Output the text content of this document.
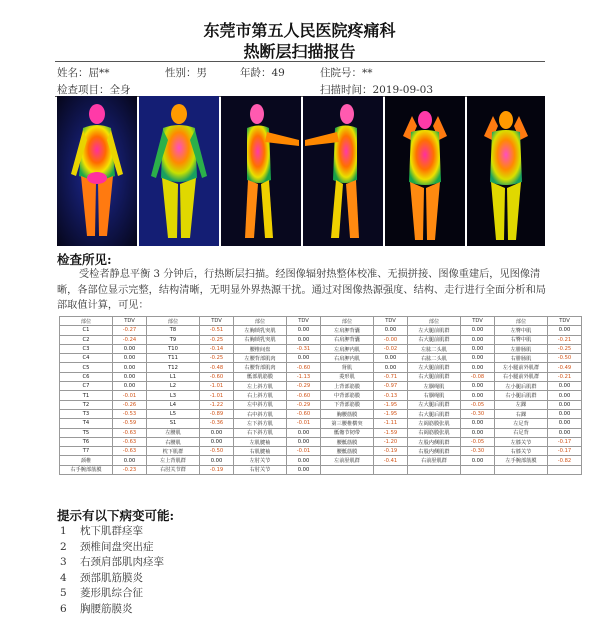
东莞市第五人民医院疼痛科
热断层扫描报告
姓名：屈**	性别：男	年龄：49	住院号：**
检查项目：全身	扫描时间：2019-09-03
检查所见:
受检者静息平衡 3 分钟后，行热断层扫描。经图像辐射热整体校准、无损拼接、图像重建后，见图像清晰，各部位显示完整，结构清晰，无明显外界热源干扰。通过对图像热源强度、结构、走行进行全面分析和局部取值计算，可见：
部位	TDV	部位	TDV	部位	TDV	部位	TDV	部位	TDV	部位	TDV
C1	-0.27	T8	-0.51	左胸锁乳突肌	0.00	左肩胛背囊	0.00	左大腿前肌群	0.00	左臀中肌	0.00
C2	-0.24	T9	-0.25	右胸锁乳突肌	0.00	右肩胛背囊	-0.00	右大腿前肌群	0.00	右臀中肌	-0.21
C3	0.00	T10	-0.14	腰椎间盘	-0.31	左肩胛内肌	-0.02	左肱二头肌	0.00	左腓肠肌	-0.25
C4	0.00	T11	-0.25	左腰背部肌肉	0.00	右肩胛内肌	0.00	右肱二头肌	0.00	右腓肠肌	-0.50
C5	0.00	T12	-0.48	右腰背部肌肉	-0.60	肾肌	0.00	左大腿前肌群	0.00	左小腿前外肌群	-0.49
C6	0.00	L1	-0.60	骶部肌筋膜	-1.13	菱形肌	-0.71	右大腿前肌群	-0.08	右小腿前外肌群	-0.21
C7	0.00	L2	-1.01	左上斜方肌	-0.29	上背部筋膜	-0.97	左腘绳肌	0.00	左小腿后肌群	0.00
T1	-0.01	L3	-1.01	右上斜方肌	-0.60	中背部筋膜	-0.13	右腘绳肌	0.00	右小腿后肌群	0.00
T2	-0.26	L4	-1.22	左中斜方肌	-0.29	下背部筋膜	-1.95	左大腿后肌群	-0.05	左踝	0.00
T3	-0.53	L5	-0.89	右中斜方肌	-0.60	胸腰筋膜	-1.95	右大腿后肌群	-0.30	右踝	0.00
T4	-0.59	S1	-0.36	左下斜方肌	-0.01	第三腰椎横突	-1.11	左阔筋膜张肌	0.00	左足背	0.00
T5	-0.63	左腰肌	0.00	右下斜方肌	0.00	骶髂节韧带	-1.59	右阔筋膜张肌	0.00	右足背	0.00
T6	-0.63	右腰肌	0.00	左肌腱袖	0.00	腰骶筋膜	-1.20	左股内侧肌群	-0.05	左膝关节	-0.17
T7	-0.63	枕下肌群	-0.50	右肌腱袖	-0.01	腰骶筋膜	-0.19	右股内侧肌群	-0.30	右膝关节	-0.17
颈椎	0.00	左上背肌群	0.00	左肘关节	0.00	左前胫肌群	-0.41	右前胫肌群	0.00	左手腕部筋膜	-0.82
右手腕部筋膜	-0.23	右肘关节群	-0.19	右肘关节	0.00						
提示有以下病变可能:
1 枕下肌群痉挛
2 颈椎间盘突出症
3 右颈肩部肌肉痉挛
4 颈部肌筋膜炎
5 菱形肌综合征
6 胸腰筋膜炎
